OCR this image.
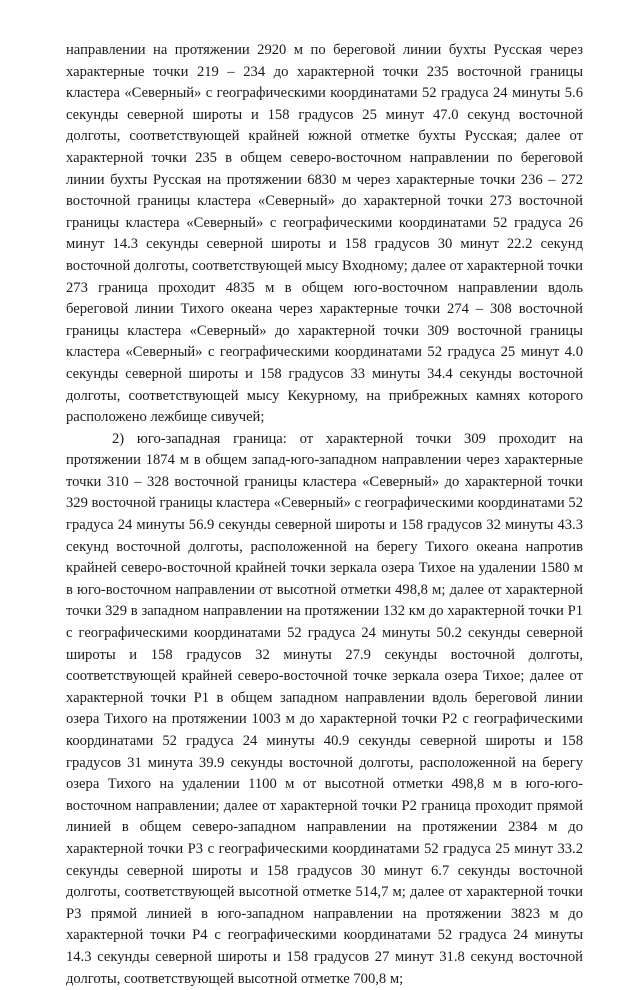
направлении на протяжении 2920 м по береговой линии бухты Русская через характерные точки 219 – 234 до характерной точки 235 восточной границы кластера «Северный» с географическими координатами 52 градуса 24 минуты 5.6 секунды северной широты и 158 градусов 25 минут 47.0 секунд восточной долготы, соответствующей крайней южной отметке бухты Русская; далее от характерной точки 235 в общем северо-восточном направлении по береговой линии бухты Русская на протяжении 6830 м через характерные точки 236 – 272 восточной границы кластера «Северный» до характерной точки 273 восточной границы кластера «Северный» с географическими координатами 52 градуса 26 минут 14.3 секунды северной широты и 158 градусов 30 минут 22.2 секунд восточной долготы, соответствующей мысу Входному; далее от характерной точки 273 граница проходит 4835 м в общем юго-восточном направлении вдоль береговой линии Тихого океана через характерные точки 274 – 308 восточной границы кластера «Северный» до характерной точки 309 восточной границы кластера «Северный» с географическими координатами 52 градуса 25 минут 4.0 секунды северной широты и 158 градусов 33 минуты 34.4 секунды восточной долготы, соответствующей мысу Кекурному, на прибрежных камнях которого расположено лежбище сивучей;

2) юго-западная граница: от характерной точки 309 проходит на протяжении 1874 м в общем запад-юго-западном направлении через характерные точки 310 – 328 восточной границы кластера «Северный» до характерной точки 329 восточной границы кластера «Северный» с географическими координатами 52 градуса 24 минуты 56.9 секунды северной широты и 158 градусов 32 минуты 43.3 секунд восточной долготы, расположенной на берегу Тихого океана напротив крайней северо-восточной крайней точки зеркала озера Тихое на удалении 1580 м в юго-восточном направлении от высотной отметки 498,8 м; далее от характерной точки 329 в западном направлении на протяжении 132 км до характерной точки Р1 с географическими координатами 52 градуса 24 минуты 50.2 секунды северной широты и 158 градусов 32 минуты 27.9 секунды восточной долготы, соответствующей крайней северо-восточной точке зеркала озера Тихое; далее от характерной точки Р1 в общем западном направлении вдоль береговой линии озера Тихого на протяжении 1003 м до характерной точки Р2 с географическими координатами 52 градуса 24 минуты 40.9 секунды северной широты и 158 градусов 31 минута 39.9 секунды восточной долготы, расположенной на берегу озера Тихого на удалении 1100 м от высотной отметки 498,8 м в юго-юго-восточном направлении; далее от характерной точки Р2 граница проходит прямой линией в общем северо-западном направлении на протяжении 2384 м до характерной точки Р3 с географическими координатами 52 градуса 25 минут 33.2 секунды северной широты и 158 градусов 30 минут 6.7 секунды восточной долготы, соответствующей высотной отметке 514,7 м; далее от характерной точки Р3 прямой линией в юго-западном направлении на протяжении 3823 м до характерной точки Р4 с географическими координатами 52 градуса 24 минуты 14.3 секунды северной широты и 158 градусов 27 минут 31.8 секунд восточной долготы, соответствующей высотной отметке 700,8 м;
